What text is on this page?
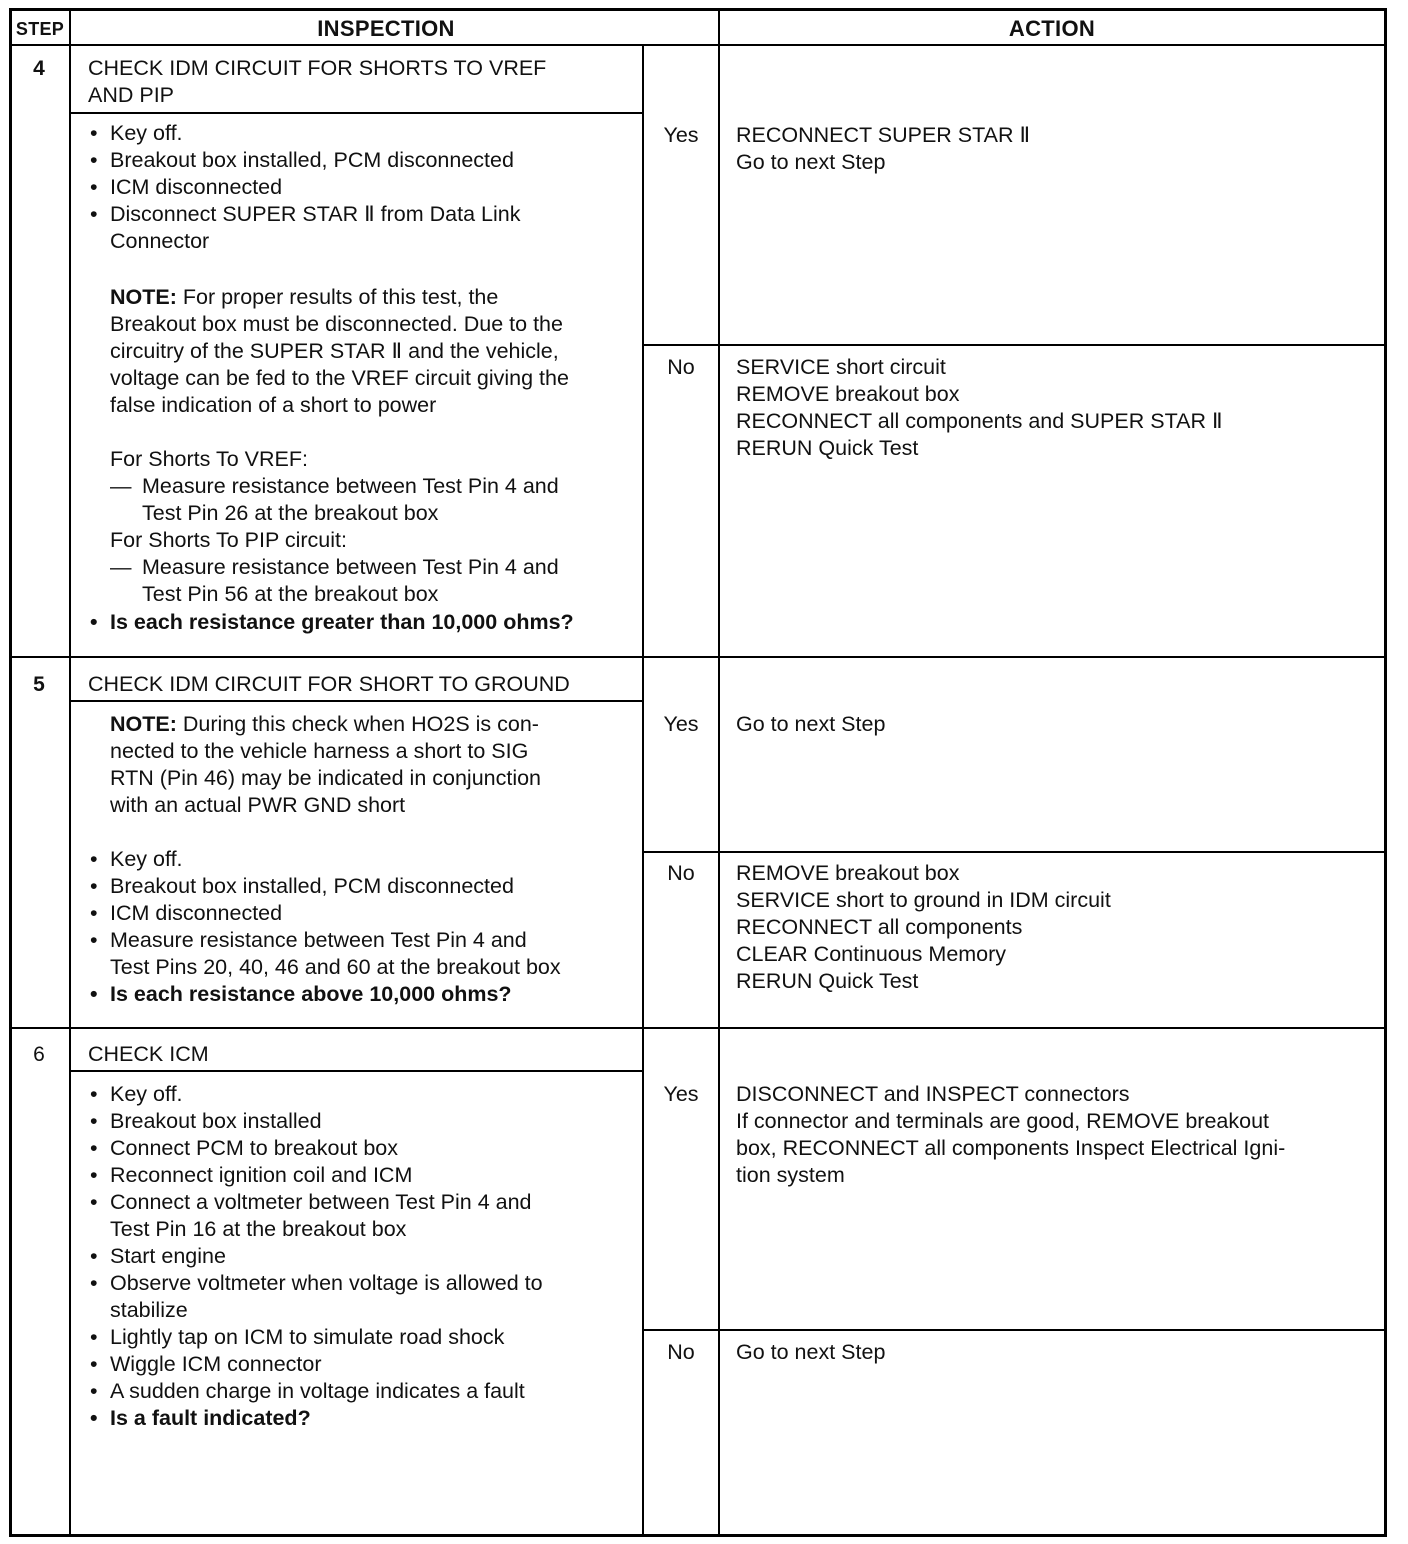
STEP	INSPECTION	ACTION
4	CHECK IDM CIRCUIT FOR SHORTS TO VREF
AND PIP
• Key off.
• Breakout box installed, PCM disconnected
• ICM disconnected
• Disconnect SUPER STAR Ⅱ from Data Link
Connector
NOTE: For proper results of this test, the
Breakout box must be disconnected. Due to the
circuitry of the SUPER STAR Ⅱ and the vehicle,
voltage can be fed to the VREF circuit giving the
false indication of a short to power
For Shorts To VREF:
— Measure resistance between Test Pin 4 and
Test Pin 26 at the breakout box
For Shorts To PIP circuit:
— Measure resistance between Test Pin 4 and
Test Pin 56 at the breakout box
• Is each resistance greater than 10,000 ohms?
Yes	RECONNECT SUPER STAR Ⅱ
Go to next Step
No	SERVICE short circuit
REMOVE breakout box
RECONNECT all components and SUPER STAR Ⅱ
RERUN Quick Test
5	CHECK IDM CIRCUIT FOR SHORT TO GROUND
NOTE: During this check when HO2S is con-
nected to the vehicle harness a short to SIG
RTN (Pin 46) may be indicated in conjunction
with an actual PWR GND short
• Key off.
• Breakout box installed, PCM disconnected
• ICM disconnected
• Measure resistance between Test Pin 4 and
Test Pins 20, 40, 46 and 60 at the breakout box
• Is each resistance above 10,000 ohms?
Yes	Go to next Step
No	REMOVE breakout box
SERVICE short to ground in IDM circuit
RECONNECT all components
CLEAR Continuous Memory
RERUN Quick Test
6	CHECK ICM
• Key off.
• Breakout box installed
• Connect PCM to breakout box
• Reconnect ignition coil and ICM
• Connect a voltmeter between Test Pin 4 and
Test Pin 16 at the breakout box
• Start engine
• Observe voltmeter when voltage is allowed to
stabilize
• Lightly tap on ICM to simulate road shock
• Wiggle ICM connector
• A sudden charge in voltage indicates a fault
• Is a fault indicated?
Yes	DISCONNECT and INSPECT connectors
If connector and terminals are good, REMOVE breakout
box, RECONNECT all components Inspect Electrical Igni-
tion system
No	Go to next Step
